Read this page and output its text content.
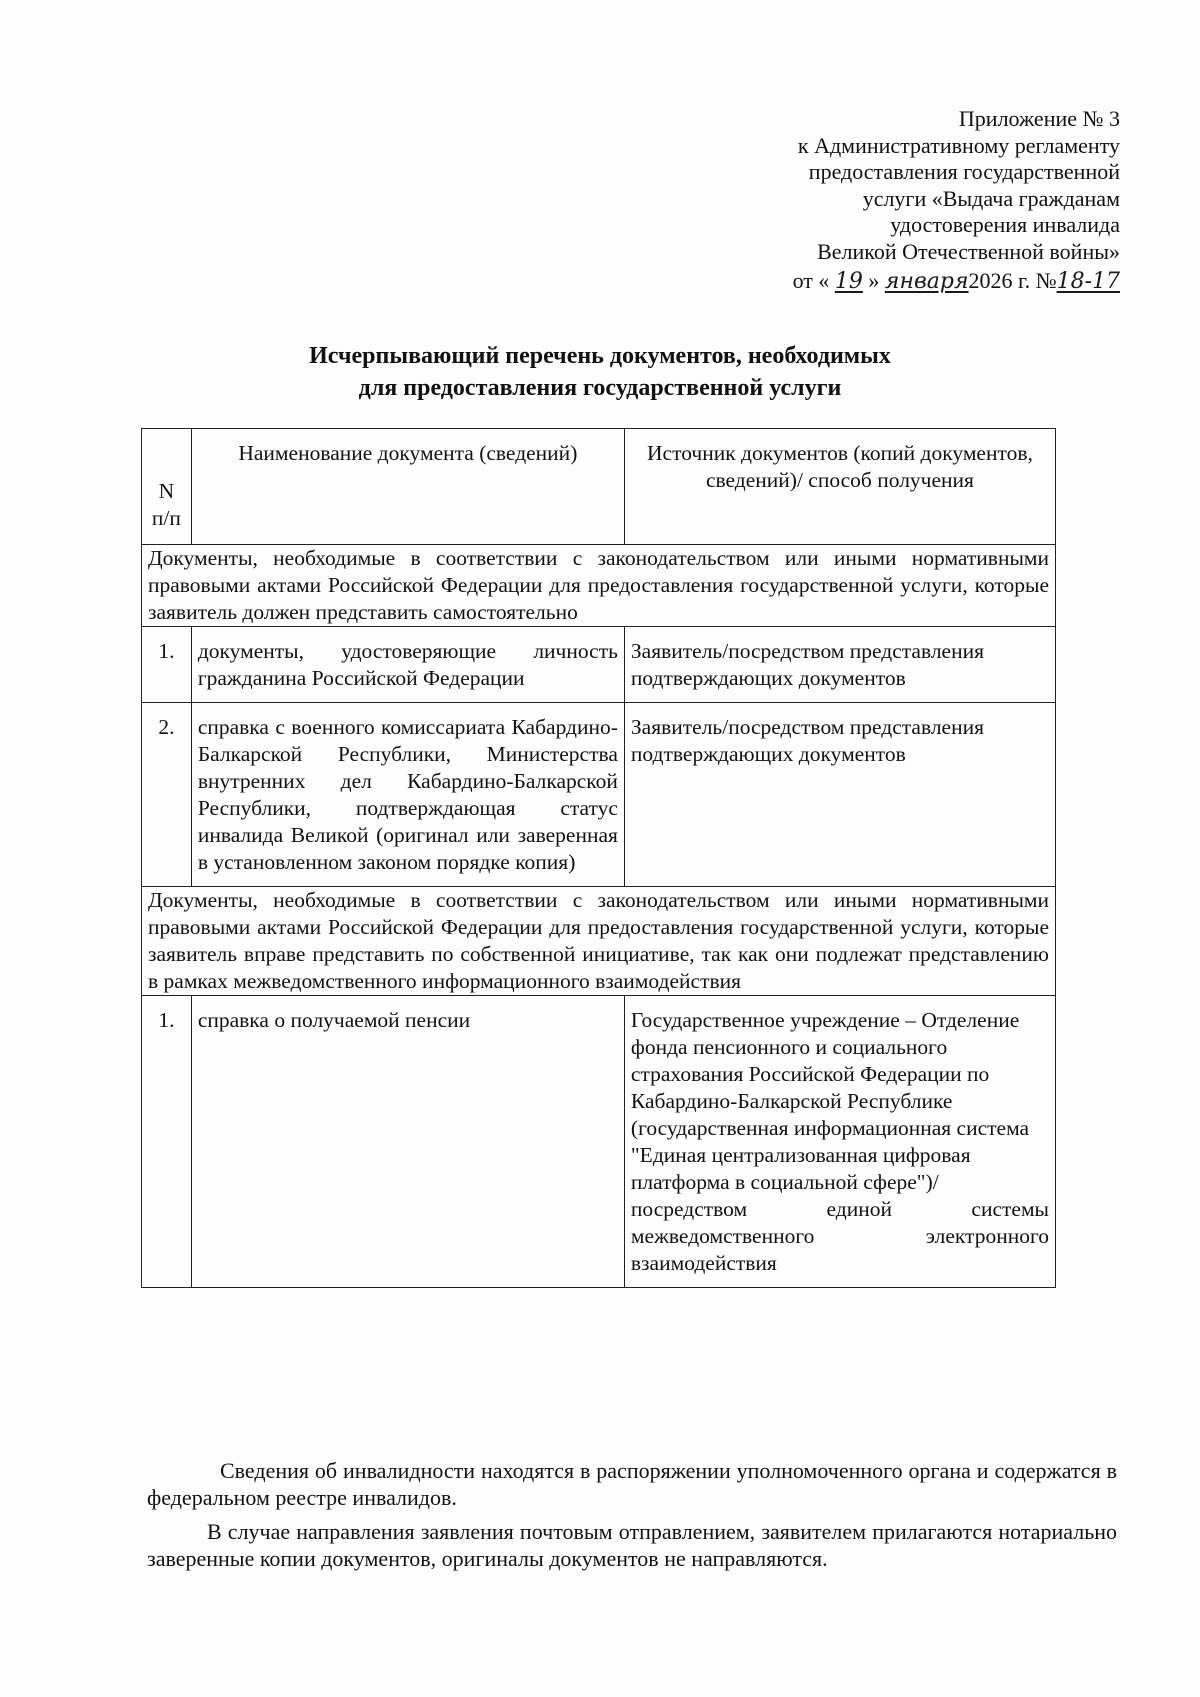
Приложение № 3
к Административному регламенту
предоставления государственной
услуги «Выдача гражданам
удостоверения инвалида
Великой Отечественной войны»
от « 19 » января2026 г. №18-17
Исчерпывающий перечень документов, необходимых
для предоставления государственной услуги
N п/п	Наименование документа (сведений)	Источник документов (копий документов, сведений)/ способ получения
Документы, необходимые в соответствии с законодательством или иными нормативными правовыми актами Российской Федерации для предоставления государственной услуги, которые заявитель должен представить самостоятельно		
1.	документы, удостоверяющие личность гражданина Российской Федерации	Заявитель/посредством представления подтверждающих документов
2.	справка с военного комиссариата Кабардино-Балкарской Республики, Министерства внутренних дел Кабардино-Балкарской Республики, подтверждающая статус инвалида Великой (оригинал или заверенная в установленном законом порядке копия)	Заявитель/посредством представления подтверждающих документов
Документы, необходимые в соответствии с законодательством или иными нормативными правовыми актами Российской Федерации для предоставления государственной услуги, которые заявитель вправе представить по собственной инициативе, так как они подлежат представлению в рамках межведомственного информационного взаимодействия		
1.	справка о получаемой пенсии	Государственное учреждение – Отделение фонда пенсионного и социального страхования Российской Федерации по Кабардино-Балкарской Республике (государственная информационная система "Единая централизованная цифровая платформа в социальной сфере")/
посредством единой системы межведомственного электронного взаимодействия
Сведения об инвалидности находятся в распоряжении уполномоченного органа и содержатся в федеральном реестре инвалидов.
В случае направления заявления почтовым отправлением, заявителем прилагаются нотариально заверенные копии документов, оригиналы документов не направляются.
